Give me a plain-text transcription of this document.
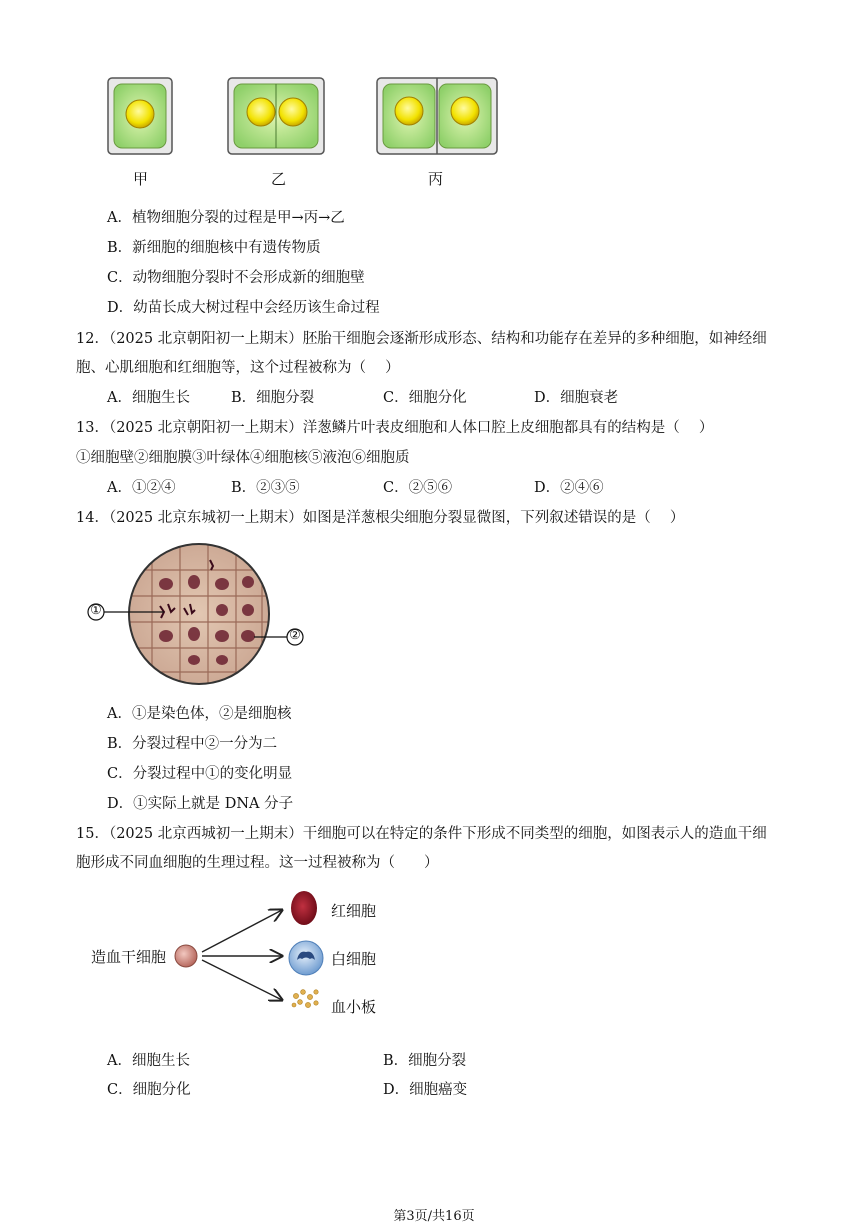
甲	乙	丙
A．植物细胞分裂的过程是甲→丙→乙
B．新细胞的细胞核中有遗传物质
C．动物细胞分裂时不会形成新的细胞壁
D．幼苗长成大树过程中会经历该生命过程
12．（2025 北京朝阳初一上期末）胚胎干细胞会逐渐形成形态、结构和功能存在差异的多种细胞，如神经细
胞、心肌细胞和红细胞等，这个过程被称为（　 ）
A．细胞生长	B．细胞分裂	C．细胞分化	D．细胞衰老
13．（2025 北京朝阳初一上期末）洋葱鳞片叶表皮细胞和人体口腔上皮细胞都具有的结构是（　 ）
①细胞壁②细胞膜③叶绿体④细胞核⑤液泡⑥细胞质
A．①②④	B．②③⑤	C．②⑤⑥	D．②④⑥
14．（2025 北京东城初一上期末）如图是洋葱根尖细胞分裂显微图，下列叙述错误的是（　 ）
①
②
A．①是染色体，②是细胞核
B．分裂过程中②一分为二
C．分裂过程中①的变化明显
D．①实际上就是 DNA 分子
15．（2025 北京西城初一上期末）干细胞可以在特定的条件下形成不同类型的细胞，如图表示人的造血干细
胞形成不同血细胞的生理过程。这一过程被称为（　　）
造血干细胞
红细胞
白细胞
血小板
A．细胞生长	B．细胞分裂
C．细胞分化	D．细胞癌变
第3页/共16页
